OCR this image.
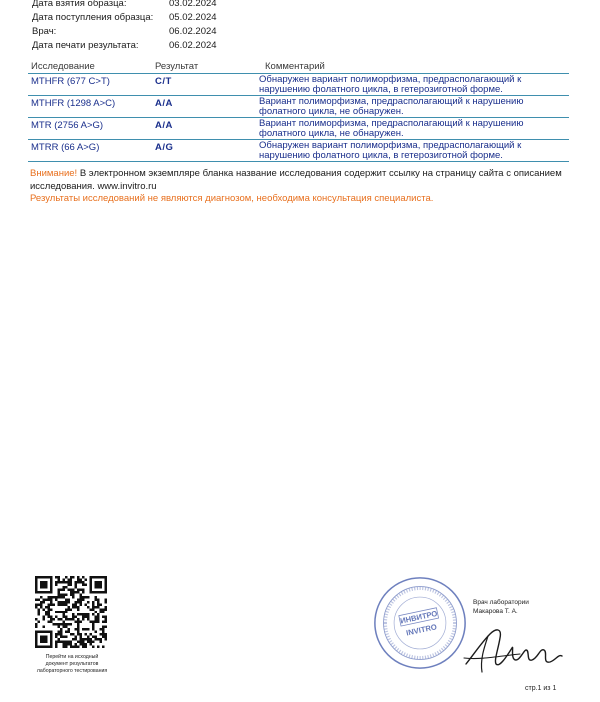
Дата взятия образца:	03.02.2024
Дата поступления образца:	05.02.2024
Врач:	06.02.2024
Дата печати результата:	06.02.2024
Исследование	Результат	Комментарий
MTHFR (677 C>T)	C/T	Обнаружен вариант полиморфизма, предрасполагающий к
нарушению фолатного цикла, в гетерозиготной форме.
MTHFR (1298 A>C)	A/A	Вариант полиморфизма, предрасполагающий к нарушению
фолатного цикла, не обнаружен.
MTR (2756 A>G)	A/A	Вариант полиморфизма, предрасполагающий к нарушению
фолатного цикла, не обнаружен.
MTRR (66 A>G)	A/G	Обнаружен вариант полиморфизма, предрасполагающий к
нарушению фолатного цикла, в гетерозиготной форме.
Внимание! В электронном экземпляре бланка название исследования содержит ссылку на страницу сайта с описанием исследования. www.invitro.ru
Результаты исследований не являются диагнозом, необходима консультация специалиста.
Перейти на исходный
документ результатов
лабораторного тестирования
ИНВИТРО
INVITRO
Врач лаборатории
Макарова Т. А.
стр.1 из 1
